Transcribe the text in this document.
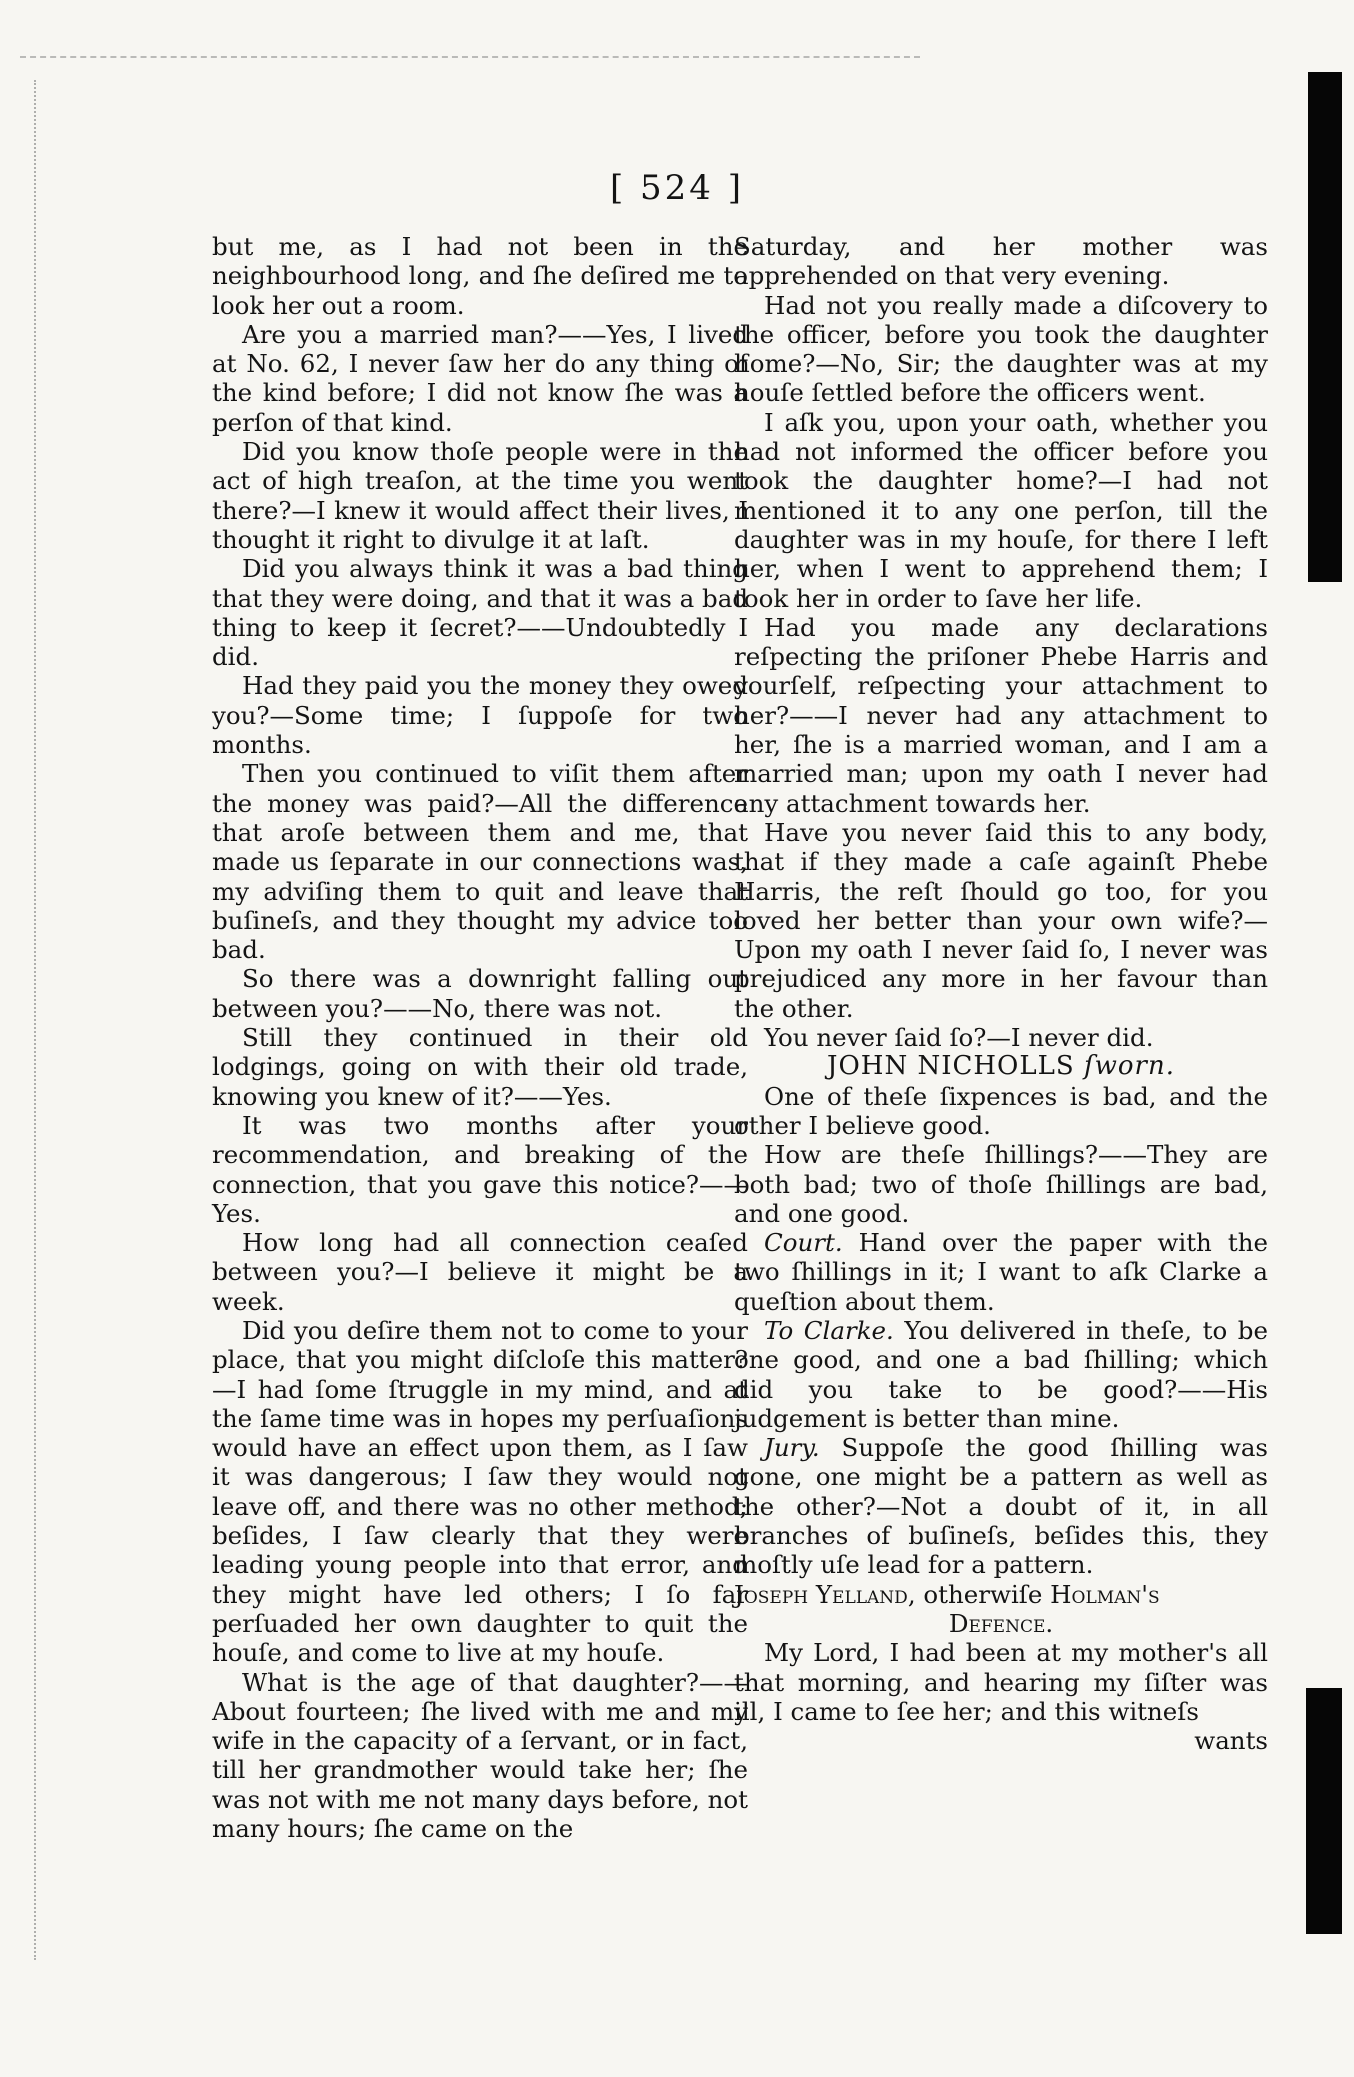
[ 524 ]

but me, as I had not been in the neighbourhood long, and ſhe deſired me to look her out a room.

Are you a married man?——Yes, I lived at No. 62, I never ſaw her do any thing of the kind before; I did not know ſhe was a perſon of that kind.

Did you know thoſe people were in the act of high treaſon, at the time you went there?—I knew it would affect their lives, I thought it right to divulge it at laſt.

Did you always think it was a bad thing that they were doing, and that it was a bad thing to keep it ſecret?——Undoubtedly I did.

Had they paid you the money they owed you?—Some time; I ſuppoſe for two months.

Then you continued to viſit them after the money was paid?—All the difference that aroſe between them and me, that made us ſeparate in our connections was, my adviſing them to quit and leave that buſineſs, and they thought my advice too bad.

So there was a downright falling out between you?——No, there was not.

Still they continued in their old lodgings, going on with their old trade, knowing you knew of it?——Yes.

It was two months after your recommendation, and breaking of the connection, that you gave this notice?——Yes.

How long had all connection ceaſed between you?—I believe it might be a week.

Did you deſire them not to come to your place, that you might diſcloſe this matter?—I had ſome ſtruggle in my mind, and at the ſame time was in hopes my perſuaſions would have an effect upon them, as I ſaw it was dangerous; I ſaw they would not leave off, and there was no other method; beſides, I ſaw clearly that they were leading young people into that error, and they might have led others; I ſo far perſuaded her own daughter to quit the houſe, and come to live at my houſe.

What is the age of that daughter?——About fourteen; ſhe lived with me and my wife in the capacity of a ſervant, or in fact, till her grandmother would take her; ſhe was not with me not many days before, not many hours; ſhe came on the

Saturday, and her mother was apprehended on that very evening.

Had not you really made a diſcovery to the officer, before you took the daughter home?—No, Sir; the daughter was at my houſe ſettled before the officers went.

I aſk you, upon your oath, whether you had not informed the officer before you took the daughter home?—I had not mentioned it to any one perſon, till the daughter was in my houſe, for there I left her, when I went to apprehend them; I took her in order to ſave her life.

Had you made any declarations reſpecting the priſoner Phebe Harris and yourſelf, reſpecting your attachment to her?——I never had any attachment to her, ſhe is a married woman, and I am a married man; upon my oath I never had any attachment towards her.

Have you never ſaid this to any body, that if they made a caſe againſt Phebe Harris, the reſt ſhould go too, for you loved her better than your own wife?—Upon my oath I never ſaid ſo, I never was prejudiced any more in her favour than the other.

You never ſaid ſo?—I never did.

JOHN NICHOLLS ſworn.

One of theſe ſixpences is bad, and the other I believe good.

How are theſe ſhillings?——They are both bad; two of thoſe ſhillings are bad, and one good.

Court. Hand over the paper with the two ſhillings in it; I want to aſk Clarke a queſtion about them.

To Clarke. You delivered in theſe, to be one good, and one a bad ſhilling; which did you take to be good?——His judgement is better than mine.

Jury. Suppoſe the good ſhilling was gone, one might be a pattern as well as the other?—Not a doubt of it, in all branches of buſineſs, beſides this, they moſtly uſe lead for a pattern.

Joseph Yelland, otherwiſe Holman's

Defence.

My Lord, I had been at my mother's all that morning, and hearing my ſiſter was ill, I came to ſee her; and this witneſs

wants
